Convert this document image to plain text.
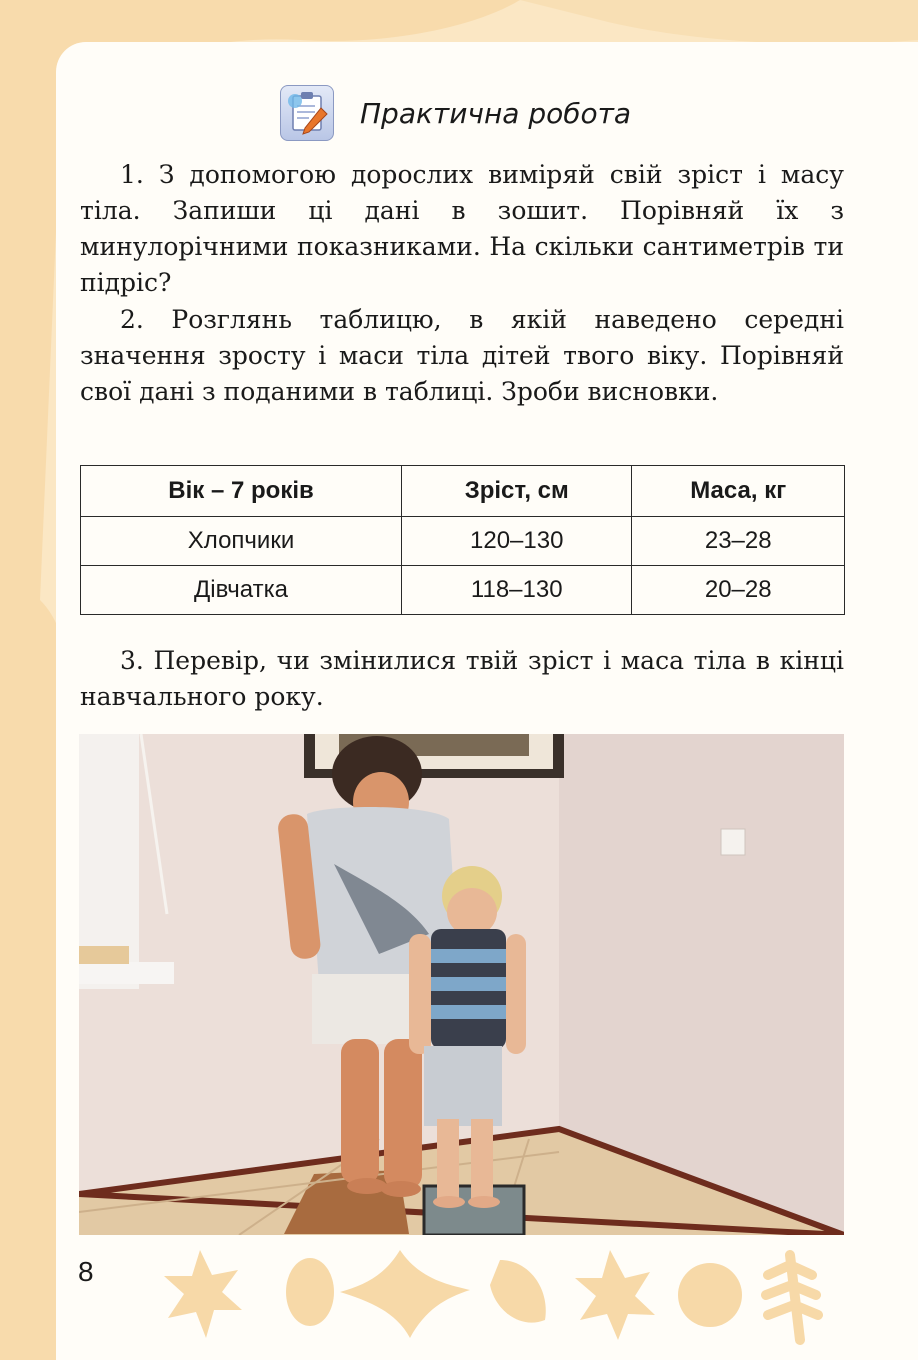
Практична робота

1. З допомогою дорослих виміряй свій зріст і масу тіла. Запиши ці дані в зошит. Порівняй їх з минулорічними показниками. На скільки сантиметрів ти підріс?

2. Розглянь таблицю, в якій наведено середні значення зросту і маси тіла дітей твого віку. Порівняй свої дані з поданими в таблиці. Зроби висновки.

Вік – 7 років	Зріст, см	Маса, кг
Хлопчики	120–130	23–28
Дівчатка	118–130	20–28

3. Перевір, чи змінилися твій зріст і маса тіла в кінці навчального року.

8
